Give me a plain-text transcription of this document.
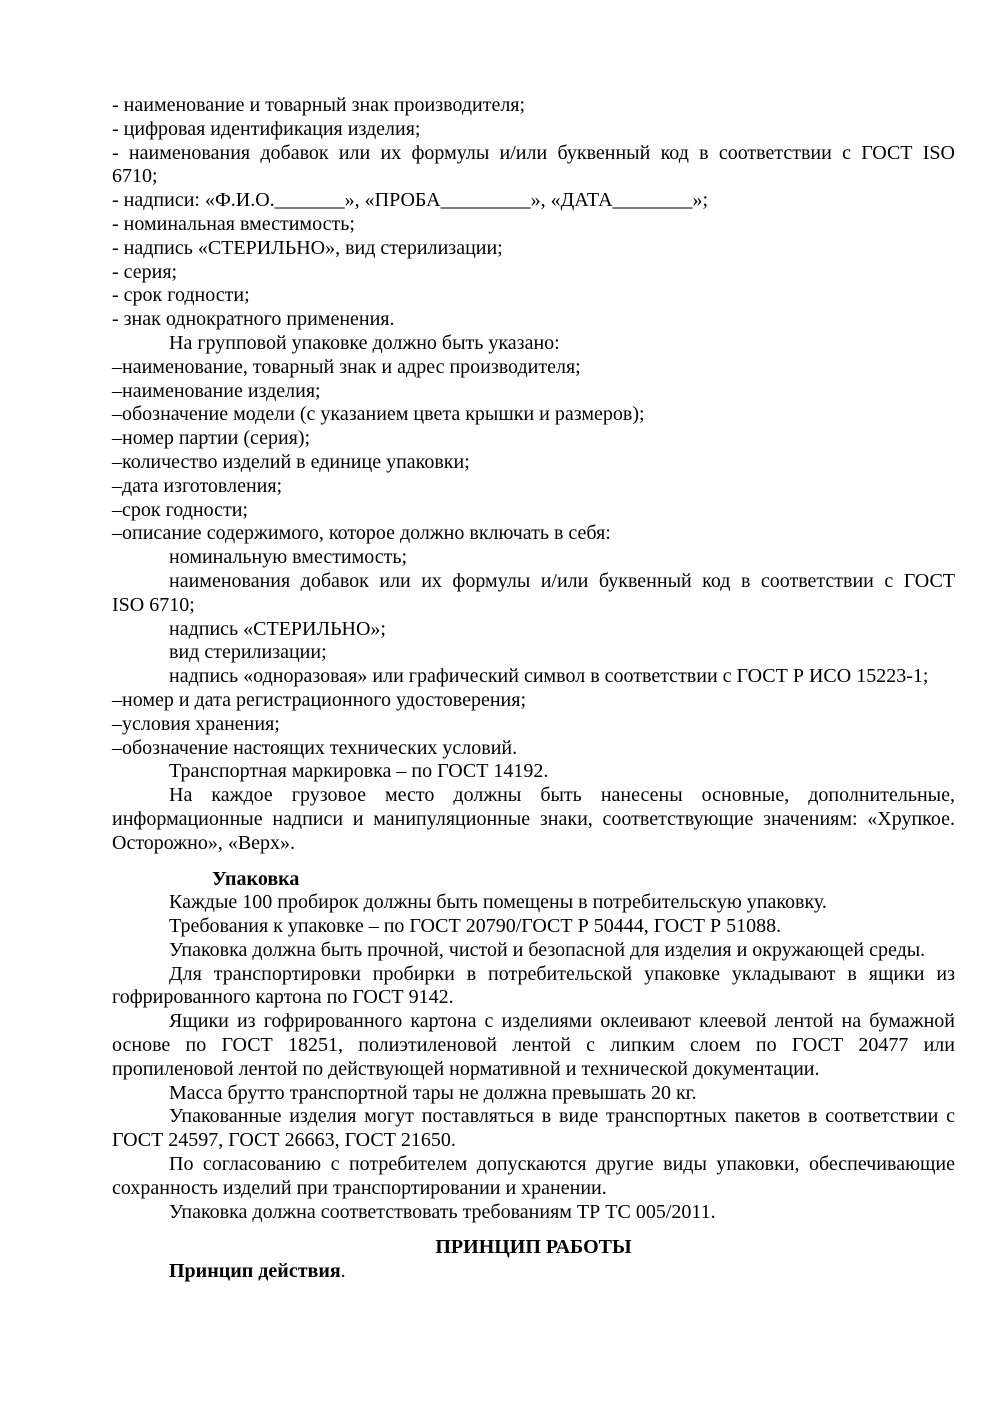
- наименование и товарный знак производителя;
- цифровая идентификация изделия;
- наименования добавок или их формулы и/или буквенный код в соответствии с ГОСТ ISO
6710;
- надписи: «Ф.И.О._______», «ПРОБА_________», «ДАТА________»;
- номинальная вместимость;
- надпись «СТЕРИЛЬНО», вид стерилизации;
- серия;
- срок годности;
- знак однократного применения.
На групповой упаковке должно быть указано:
–наименование, товарный знак и адрес производителя;
–наименование изделия;
–обозначение модели (с указанием цвета крышки и размеров);
–номер партии (серия);
–количество изделий в единице упаковки;
–дата изготовления;
–срок годности;
–описание содержимого, которое должно включать в себя:
номинальную вместимость;
наименования добавок или их формулы и/или буквенный код в соответствии с ГОСТ
ISO 6710;
надпись «СТЕРИЛЬНО»;
вид стерилизации;
надпись «одноразовая» или графический символ в соответствии с ГОСТ Р ИСО 15223-1;
–номер и дата регистрационного удостоверения;
–условия хранения;
–обозначение настоящих технических условий.
Транспортная маркировка – по ГОСТ 14192.
На каждое грузовое место должны быть нанесены основные, дополнительные,
информационные надписи и манипуляционные знаки, соответствующие значениям: «Хрупкое.
Осторожно», «Верх».
Упаковка
Каждые 100 пробирок должны быть помещены в потребительскую упаковку.
Требования к упаковке – по ГОСТ 20790/ГОСТ Р 50444, ГОСТ Р 51088.
Упаковка должна быть прочной, чистой и безопасной для изделия и окружающей среды.
Для транспортировки пробирки в потребительской упаковке укладывают в ящики из
гофрированного картона по ГОСТ 9142.
Ящики из гофрированного картона с изделиями оклеивают клеевой лентой на бумажной
основе по ГОСТ 18251, полиэтиленовой лентой с липким слоем по ГОСТ 20477 или
пропиленовой лентой по действующей нормативной и технической документации.
Масса брутто транспортной тары не должна превышать 20 кг.
Упакованные изделия могут поставляться в виде транспортных пакетов в соответствии с
ГОСТ 24597, ГОСТ 26663, ГОСТ 21650.
По согласованию с потребителем допускаются другие виды упаковки, обеспечивающие
сохранность изделий при транспортировании и хранении.
Упаковка должна соответствовать требованиям ТР ТС 005/2011.
ПРИНЦИП РАБОТЫ
Принцип действия.
